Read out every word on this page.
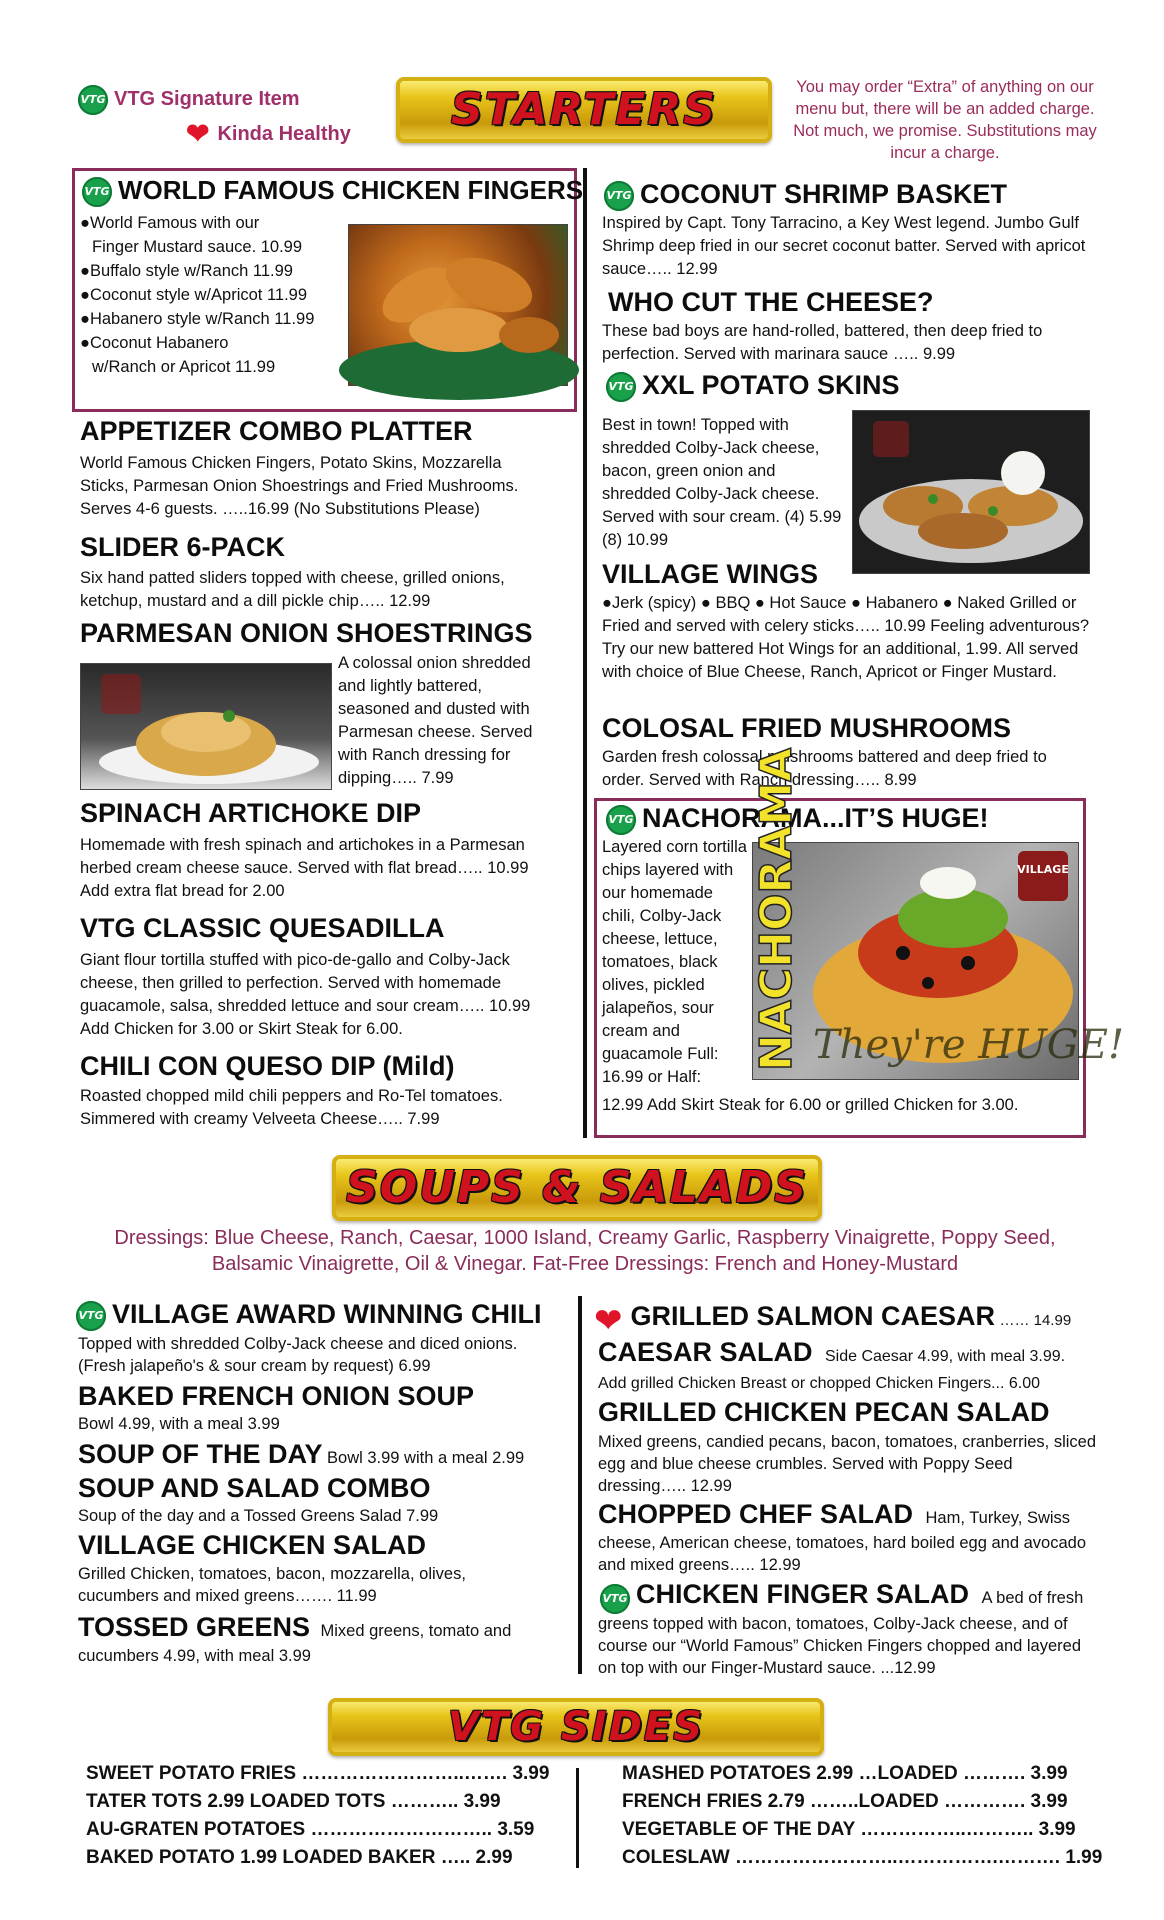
VTG VTG Signature Item
❤ Kinda Healthy	STARTERS	You may order “Extra” of anything on our menu but, there will be an added charge. Not much, we promise. Substitutions may incur a charge.
VTG WORLD FAMOUS CHICKEN FINGERS
●World Famous with our
Finger Mustard sauce. 10.99
●Buffalo style w/Ranch 11.99
●Coconut style w/Apricot 11.99
●Habanero style w/Ranch 11.99
●Coconut Habanero
w/Ranch or Apricot 11.99
APPETIZER COMBO PLATTER
World Famous Chicken Fingers, Potato Skins, Mozzarella Sticks, Parmesan Onion Shoestrings and Fried Mushrooms. Serves 4-6 guests. …..16.99 (No Substitutions Please)
SLIDER 6-PACK
Six hand patted sliders topped with cheese, grilled onions, ketchup, mustard and a dill pickle chip….. 12.99
PARMESAN ONION SHOESTRINGS
A colossal onion shredded and lightly battered, seasoned and dusted with Parmesan cheese. Served with Ranch dressing for dipping….. 7.99
SPINACH ARTICHOKE DIP
Homemade with fresh spinach and artichokes in a Parmesan herbed cream cheese sauce. Served with flat bread….. 10.99 Add extra flat bread for 2.00
VTG CLASSIC QUESADILLA
Giant flour tortilla stuffed with pico-de-gallo and Colby-Jack cheese, then grilled to perfection. Served with homemade guacamole, salsa, shredded lettuce and sour cream….. 10.99 Add Chicken for 3.00 or Skirt Steak for 6.00.
CHILI CON QUESO DIP (Mild)
Roasted chopped mild chili peppers and Ro-Tel tomatoes. Simmered with creamy Velveeta Cheese….. 7.99
VTG COCONUT SHRIMP BASKET
Inspired by Capt. Tony Tarracino, a Key West legend. Jumbo Gulf Shrimp deep fried in our secret coconut batter. Served with apricot sauce….. 12.99
WHO CUT THE CHEESE?
These bad boys are hand-rolled, battered, then deep fried to perfection. Served with marinara sauce ….. 9.99
VTG XXL POTATO SKINS
Best in town! Topped with shredded Colby-Jack cheese, bacon, green onion and shredded Colby-Jack cheese. Served with sour cream. (4) 5.99 (8) 10.99
VILLAGE WINGS
●Jerk (spicy) ● BBQ ● Hot Sauce ● Habanero ● Naked Grilled or Fried and served with celery sticks….. 10.99 Feeling adventurous? Try our new battered Hot Wings for an additional, 1.99. All served with choice of Blue Cheese, Ranch, Apricot or Finger Mustard.
COLOSAL FRIED MUSHROOMS
Garden fresh colossal mushrooms battered and deep fried to order. Served with Ranch dressing….. 8.99
VTG NACHORAMA...IT’S HUGE!
Layered corn tortilla chips layered with our homemade chili, Colby-Jack cheese, lettuce, tomatoes, black olives, pickled jalapeños, sour cream and guacamole Full: 16.99 or Half:
12.99 Add Skirt Steak for 6.00 or grilled Chicken for 3.00.
NACHORAMA They're HUGE!
VILLAGE
SOUPS & SALADS
Dressings: Blue Cheese, Ranch, Caesar, 1000 Island, Creamy Garlic, Raspberry Vinaigrette, Poppy Seed, Balsamic Vinaigrette, Oil & Vinegar. Fat-Free Dressings: French and Honey-Mustard
VTG VILLAGE AWARD WINNING CHILI
Topped with shredded Colby-Jack cheese and diced onions. (Fresh jalapeño's & sour cream by request) 6.99
BAKED FRENCH ONION SOUP
Bowl 4.99, with a meal 3.99
SOUP OF THE DAY Bowl 3.99 with a meal 2.99
SOUP AND SALAD COMBO
Soup of the day and a Tossed Greens Salad 7.99
VILLAGE CHICKEN SALAD
Grilled Chicken, tomatoes, bacon, mozzarella, olives, cucumbers and mixed greens……. 11.99
TOSSED GREENS Mixed greens, tomato and
cucumbers 4.99, with meal 3.99
❤ GRILLED SALMON CAESAR …… 14.99
CAESAR SALAD Side Caesar 4.99, with meal 3.99.
Add grilled Chicken Breast or chopped Chicken Fingers... 6.00
GRILLED CHICKEN PECAN SALAD
Mixed greens, candied pecans, bacon, tomatoes, cranberries, sliced egg and blue cheese crumbles. Served with Poppy Seed dressing….. 12.99
CHOPPED CHEF SALAD Ham, Turkey, Swiss
cheese, American cheese, tomatoes, hard boiled egg and avocado and mixed greens….. 12.99
VTG CHICKEN FINGER SALAD A bed of fresh
greens topped with bacon, tomatoes, Colby-Jack cheese, and of course our “World Famous” Chicken Fingers chopped and layered on top with our Finger-Mustard sauce. ...12.99
VTG SIDES
SWEET POTATO FRIES ……………………..……. 3.99
TATER TOTS 2.99 LOADED TOTS ……….. 3.99
AU-GRATEN POTATOES ……………………….. 3.59
BAKED POTATO 1.99 LOADED BAKER ….. 2.99
MASHED POTATOES 2.99 …LOADED ………. 3.99
FRENCH FRIES 2.79 ……..LOADED …………. 3.99
VEGETABLE OF THE DAY ……………..……….. 3.99
COLESLAW ……………………..…………….………. 1.99
